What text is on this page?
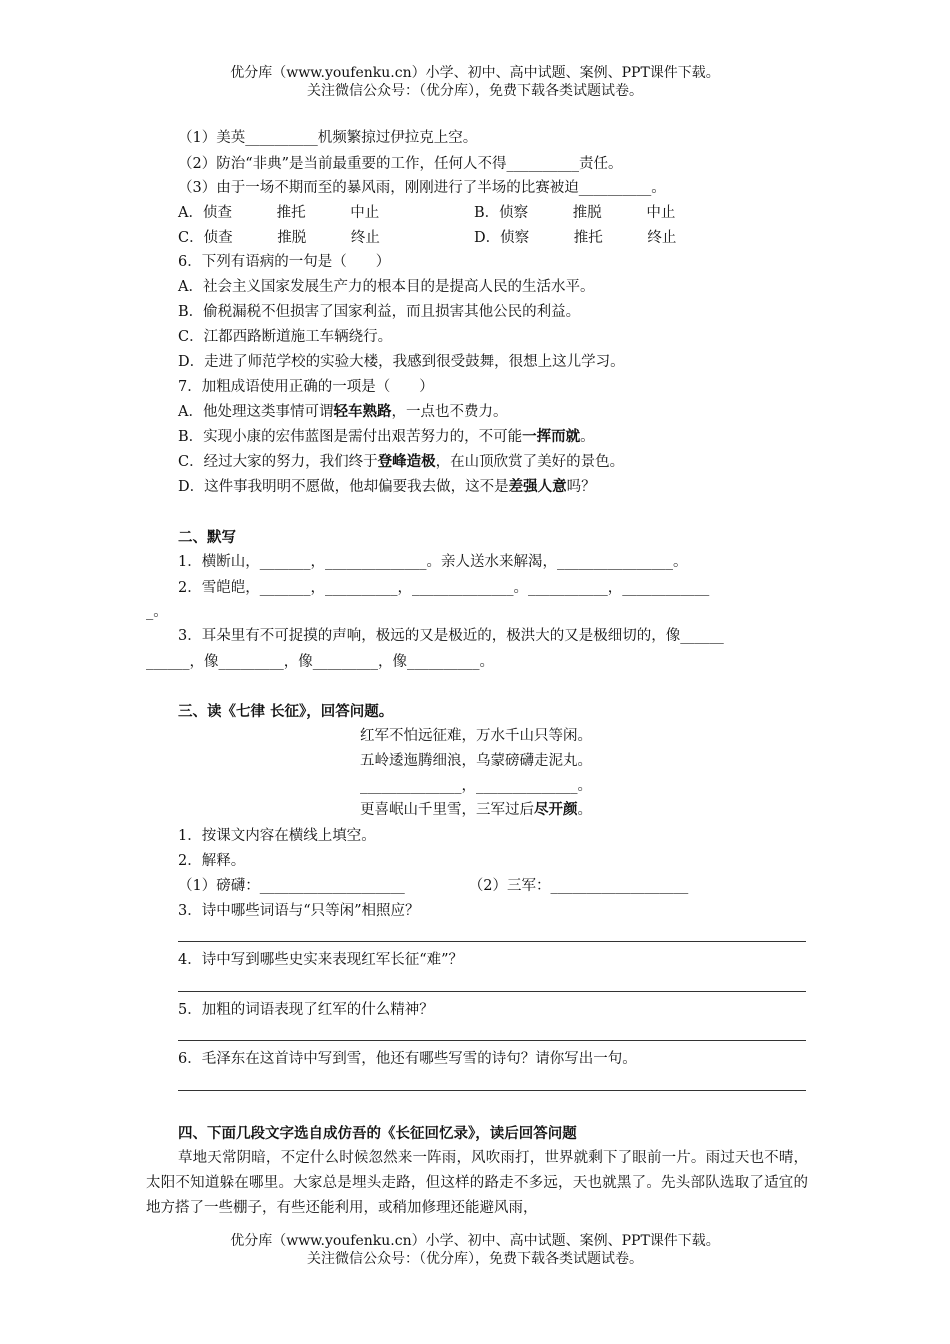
优分库（www.youfenku.cn）小学、初中、高中试题、案例、PPT课件下载。
关注微信公众号：（优分库），免费下载各类试题试卷。
（1）美英__________机频繁掠过伊拉克上空。
（2）防治“非典”是当前最重要的工作，任何人不得__________责任。
（3）由于一场不期而至的暴风雨，刚刚进行了半场的比赛被迫__________。
A．侦查	推托	中止	B．侦察	推脱	中止
C．侦查	推脱	终止	D．侦察	推托	终止
6．下列有语病的一句是（　　）
A．社会主义国家发展生产力的根本目的是提高人民的生活水平。
B．偷税漏税不但损害了国家利益，而且损害其他公民的利益。
C．江都西路断道施工车辆绕行。
D．走进了师范学校的实验大楼，我感到很受鼓舞，很想上这儿学习。
7．加粗成语使用正确的一项是（　　）
A．他处理这类事情可谓轻车熟路，一点也不费力。
B．实现小康的宏伟蓝图是需付出艰苦努力的，不可能一挥而就。
C．经过大家的努力，我们终于登峰造极，在山顶欣赏了美好的景色。
D．这件事我明明不愿做，他却偏要我去做，这不是差强人意吗？
二、默写
1．横断山，_______，______________。亲人送水来解渴，________________。
2．雪皑皑，_______，__________，______________。___________，____________
_。
3．耳朵里有不可捉摸的声响，极远的又是极近的，极洪大的又是极细切的，像______
______，像_________，像_________，像__________。
三、读《七律 长征》，回答问题。
红军不怕远征难，万水千山只等闲。
五岭逶迤腾细浪，乌蒙磅礴走泥丸。
______________，______________。
更喜岷山千里雪，三军过后尽开颜。
1．按课文内容在横线上填空。
2．解释。
（1）磅礴：____________________	（2）三军：___________________
3．诗中哪些词语与“只等闲”相照应？
4．诗中写到哪些史实来表现红军长征“难”？
5．加粗的词语表现了红军的什么精神？
6．毛泽东在这首诗中写到雪，他还有哪些写雪的诗句？请你写出一句。
四、下面几段文字选自成仿吾的《长征回忆录》，读后回答问题
草地天常阴暗，不定什么时候忽然来一阵雨，风吹雨打，世界就剩下了眼前一片。雨过天也不晴，太阳不知道躲在哪里。大家总是埋头走路，但这样的路走不多远，天也就黑了。先头部队选取了适宜的地方搭了一些棚子，有些还能利用，或稍加修理还能避风雨，
优分库（www.youfenku.cn）小学、初中、高中试题、案例、PPT课件下载。
关注微信公众号：（优分库），免费下载各类试题试卷。
